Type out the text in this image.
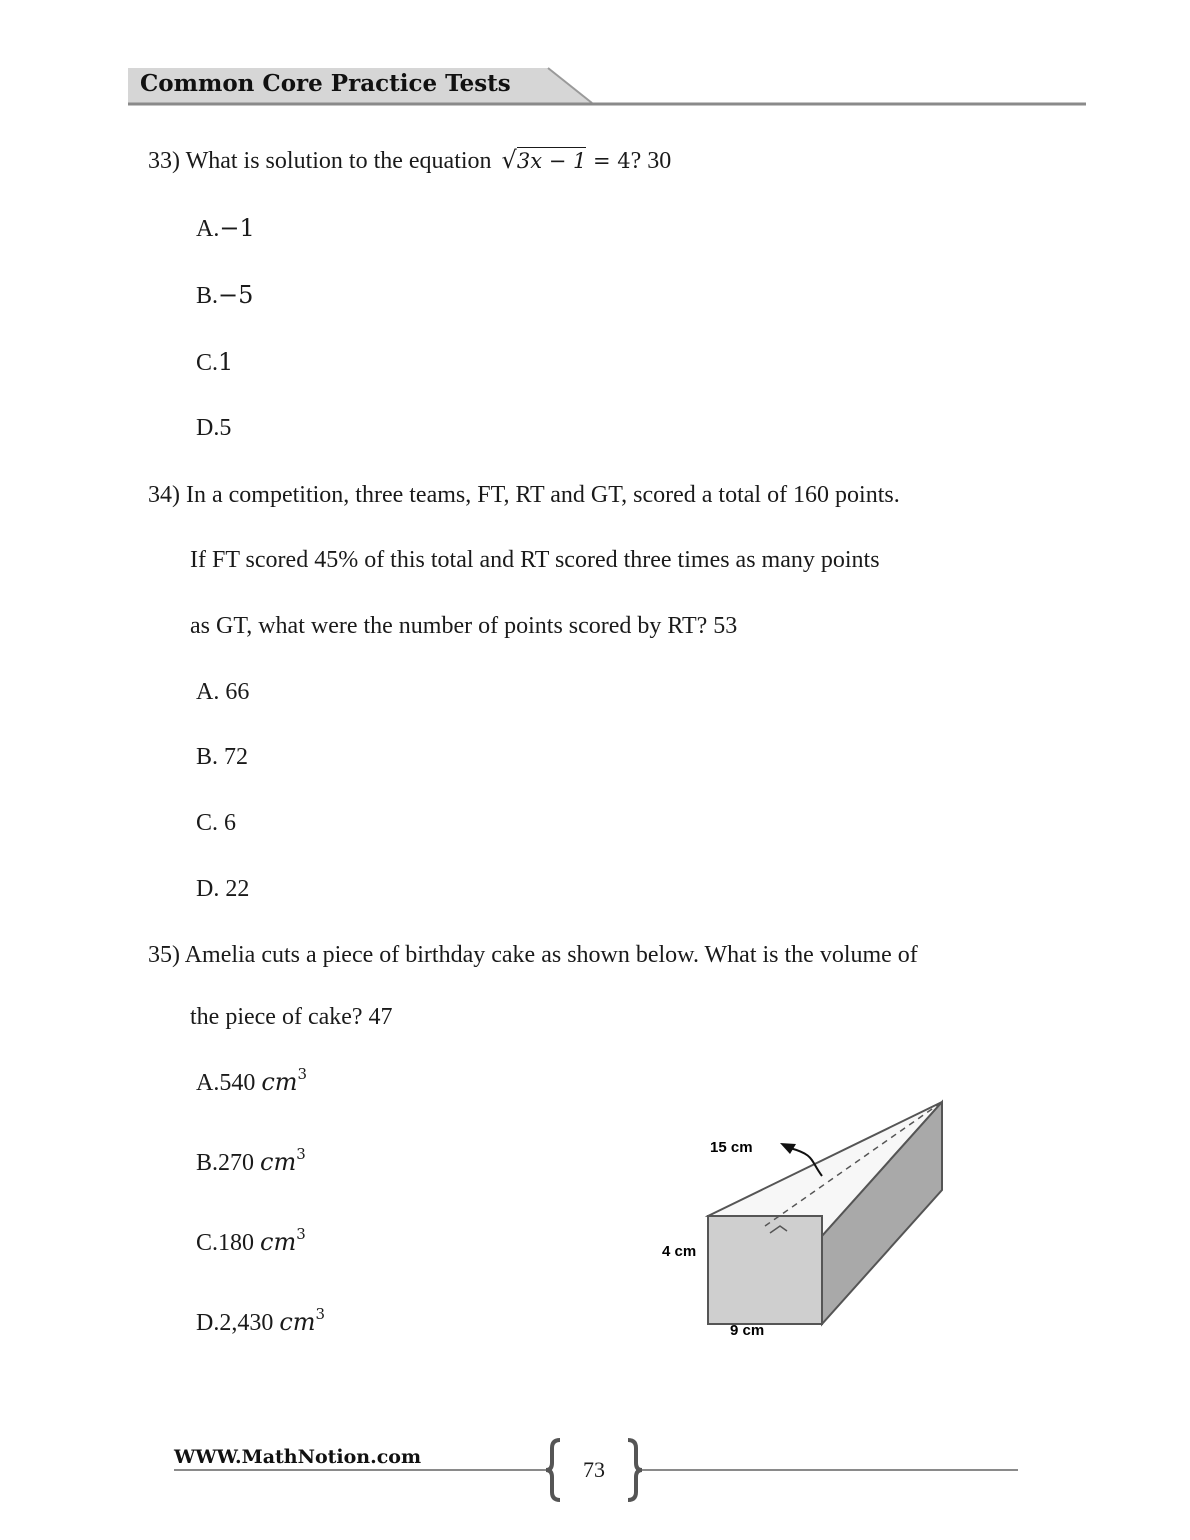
Common Core Practice Tests
33) What is solution to the equation √3x − 1 = 4? 30
A.−1
B.−5
C.1
D.5
34) In a competition, three teams, FT, RT and GT, scored a total of 160 points.
If FT scored 45% of this total and RT scored three times as many points
as GT, what were the number of points scored by RT? 53
A. 66
B. 72
C. 6
D. 22
35) Amelia cuts a piece of birthday cake as shown below. What is the volume of
the piece of cake? 47
A.540 $cm^3$
B.270 $cm^3$
C.180 $cm^3$
D.2,430 $cm^3$
15 cm
4 cm
9 cm
WWW.MathNotion.com	73
